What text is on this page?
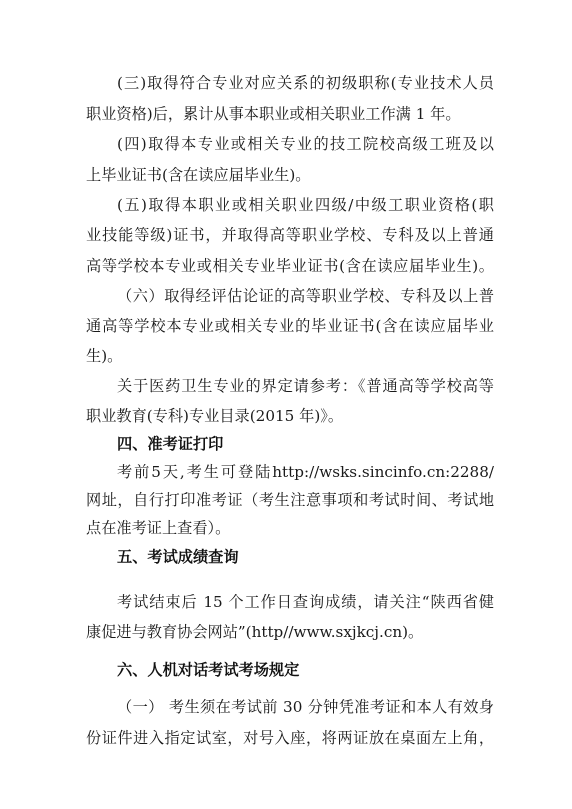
(三)取得符合专业对应关系的初级职称(专业技术人员

职业资格)后，累计从事本职业或相关职业工作满 1 年。

(四)取得本专业或相关专业的技工院校高级工班及以

上毕业证书(含在读应届毕业生)。

(五)取得本职业或相关职业四级/中级工职业资格(职

业技能等级)证书，并取得高等职业学校、专科及以上普通

高等学校本专业或相关专业毕业证书(含在读应届毕业生)。

（六）取得经评估论证的高等职业学校、专科及以上普

通高等学校本专业或相关专业的毕业证书(含在读应届毕业

生)。

关于医药卫生专业的界定请参考：《普通高等学校高等

职业教育(专科)专业目录(2015 年)》。

四、准考证打印

考前5天,考生可登陆http://wsks.sincinfo.cn:2288/

网址，自行打印准考证（考生注意事项和考试时间、考试地

点在准考证上查看）。

五、考试成绩查询

考试结束后 15 个工作日查询成绩，请关注“陕西省健

康促进与教育协会网站”(http//www.sxjkcj.cn)。

六、人机对话考试考场规定

（一） 考生须在考试前 30 分钟凭准考证和本人有效身

份证件进入指定试室，对号入座，将两证放在桌面左上角，
